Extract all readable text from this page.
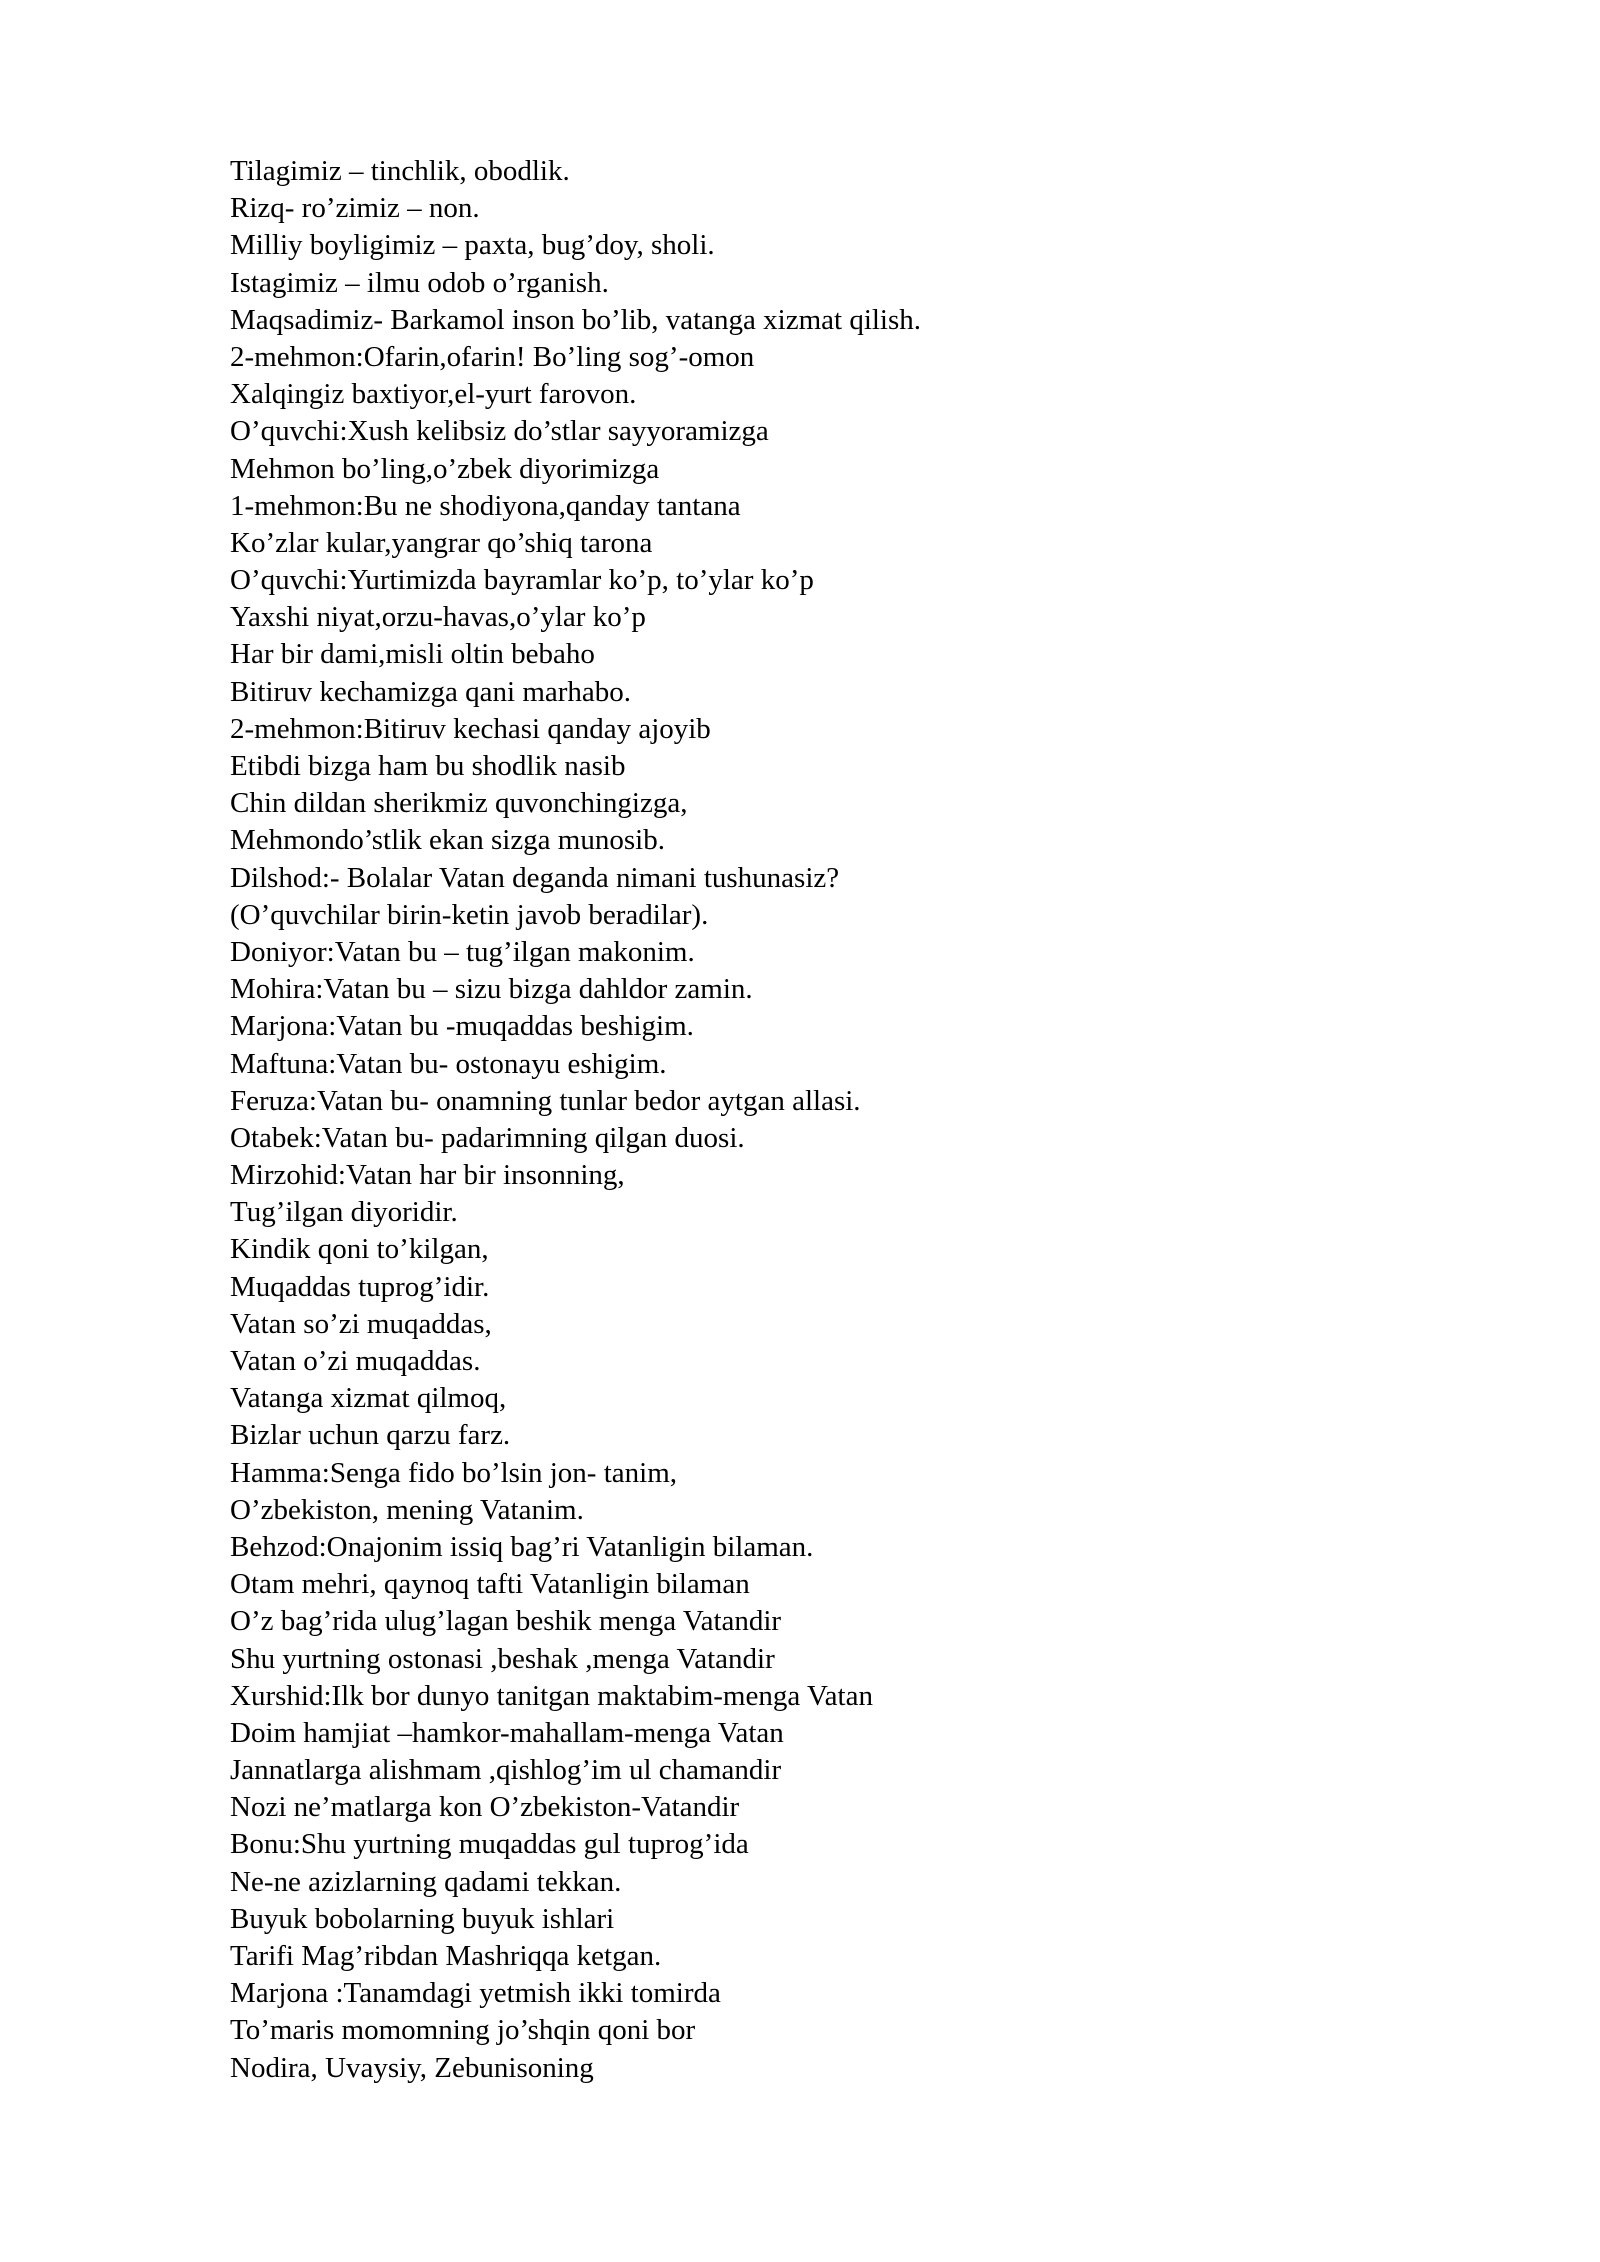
Tilagimiz – tinchlik, obodlik.
Rizq- ro’zimiz – non.
Milliy boyligimiz – paxta, bug’doy, sholi.
Istagimiz – ilmu odob o’rganish.
Maqsadimiz- Barkamol inson bo’lib, vatanga xizmat qilish.
2-mehmon:Ofarin,ofarin! Bo’ling sog’-omon
Xalqingiz baxtiyor,el-yurt farovon.
O’quvchi:Xush kelibsiz do’stlar sayyoramizga
Mehmon bo’ling,o’zbek diyorimizga
1-mehmon:Bu ne shodiyona,qanday tantana
Ko’zlar kular,yangrar qo’shiq tarona
O’quvchi:Yurtimizda bayramlar ko’p, to’ylar ko’p
Yaxshi niyat,orzu-havas,o’ylar ko’p
Har bir dami,misli oltin bebaho
Bitiruv kechamizga qani marhabo.
2-mehmon:Bitiruv kechasi qanday ajoyib
Etibdi bizga ham bu shodlik nasib
Chin dildan sherikmiz quvonchingizga,
Mehmondo’stlik ekan sizga munosib.
Dilshod:- Bolalar Vatan deganda nimani tushunasiz?
(O’quvchilar birin-ketin javob beradilar).
Doniyor:Vatan bu – tug’ilgan makonim.
Mohira:Vatan bu – sizu bizga dahldor zamin.
Marjona:Vatan bu -muqaddas beshigim.
Maftuna:Vatan bu- ostonayu eshigim.
Feruza:Vatan bu- onamning tunlar bedor aytgan allasi.
Otabek:Vatan bu- padarimning qilgan duosi.
Mirzohid:Vatan har bir insonning,
Tug’ilgan diyoridir.
Kindik qoni to’kilgan,
Muqaddas tuprog’idir.
Vatan so’zi muqaddas,
Vatan o’zi muqaddas.
Vatanga xizmat qilmoq,
Bizlar uchun qarzu farz.
Hamma:Senga fido bo’lsin jon- tanim,
O’zbekiston, mening Vatanim.
Behzod:Onajonim issiq bag’ri Vatanligin bilaman.
Otam mehri, qaynoq tafti Vatanligin bilaman
O’z bag’rida ulug’lagan beshik menga Vatandir
Shu yurtning ostonasi ,beshak ,menga Vatandir
Xurshid:Ilk bor dunyo tanitgan maktabim-menga Vatan
Doim hamjiat –hamkor-mahallam-menga Vatan
Jannatlarga alishmam ,qishlog’im ul chamandir
Nozi ne’matlarga kon O’zbekiston-Vatandir
Bonu:Shu yurtning muqaddas gul tuprog’ida
Ne-ne azizlarning qadami tekkan.
Buyuk bobolarning buyuk ishlari
Tarifi Mag’ribdan Mashriqqa ketgan.
Marjona :Tanamdagi yetmish ikki tomirda
To’maris momomning jo’shqin qoni bor
Nodira, Uvaysiy, Zebunisoning
